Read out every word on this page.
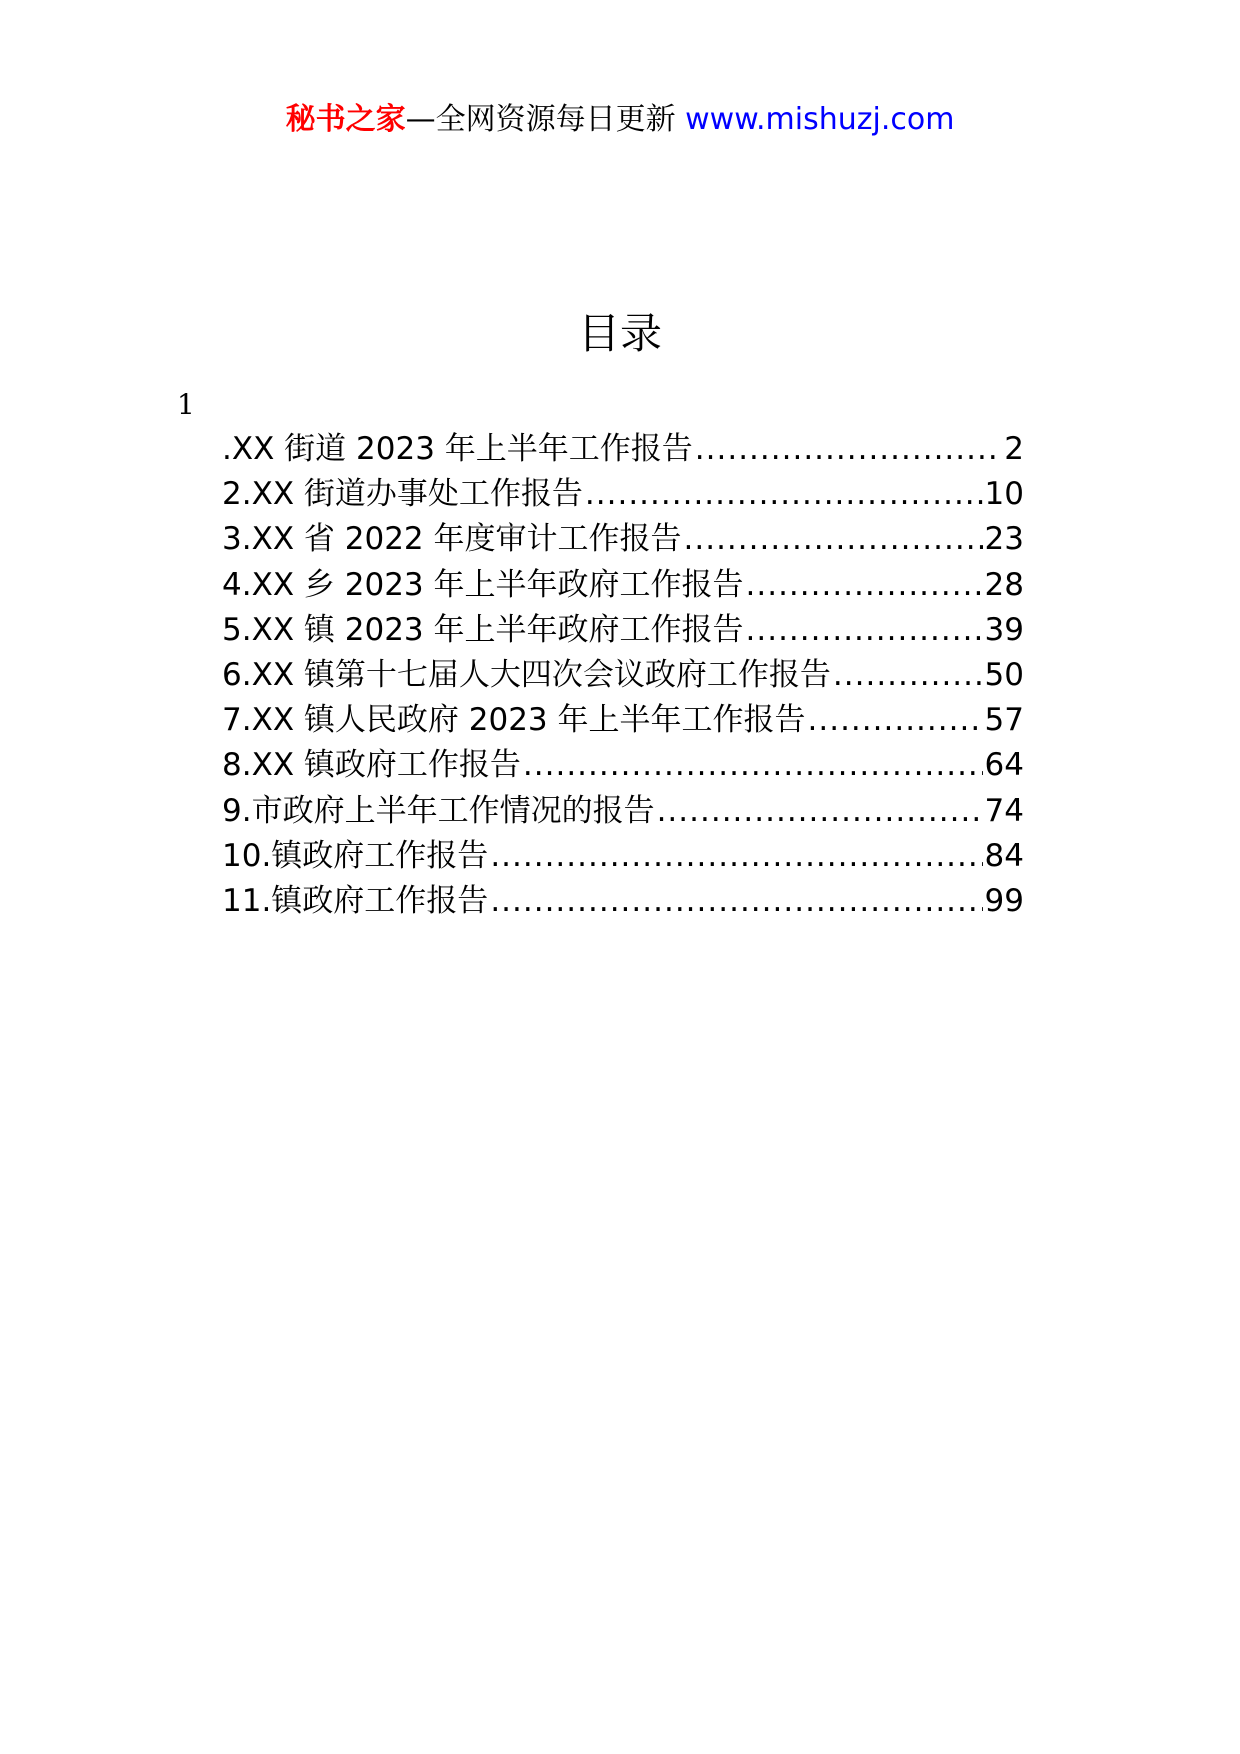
秘书之家—全网资源每日更新 www.mishuzj.com
目录
1
.XX 街道 2023 年上半年工作报告 .....	2
2.XX 街道办事处工作报告 .....	10
3.XX 省 2022 年度审计工作报告 .....	23
4.XX 乡 2023 年上半年政府工作报告 .....	28
5.XX 镇 2023 年上半年政府工作报告 .....	39
6.XX 镇第十七届人大四次会议政府工作报告 .....	50
7.XX 镇人民政府 2023 年上半年工作报告 .....	57
8.XX 镇政府工作报告 .....	64
9.市政府上半年工作情况的报告 .....	74
10.镇政府工作报告 .....	84
11.镇政府工作报告 .....	99
